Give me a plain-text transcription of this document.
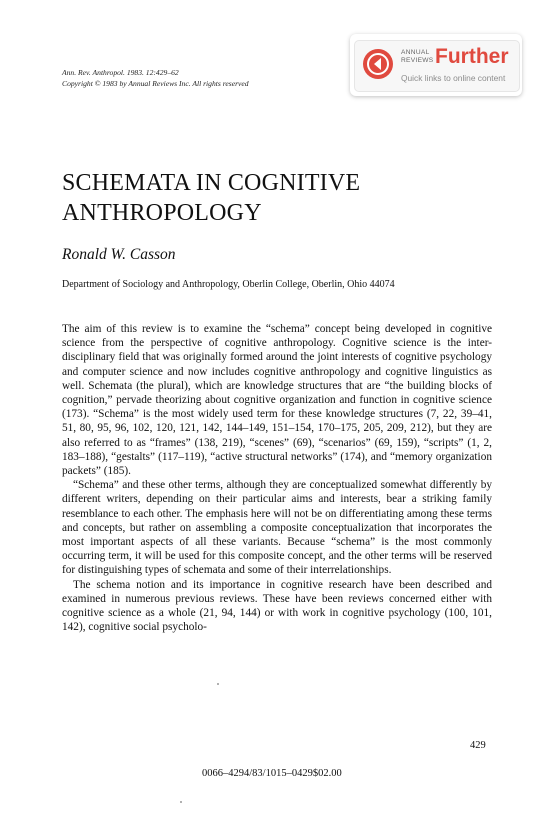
Ann. Rev. Anthropol. 1983. 12:429–62
Copyright © 1983 by Annual Reviews Inc. All rights reserved
ANNUAL REVIEWS Further
Quick links to online content
SCHEMATA IN COGNITIVE ANTHROPOLOGY
Ronald W. Casson
Department of Sociology and Anthropology, Oberlin College, Oberlin, Ohio 44074

The aim of this review is to examine the “schema” concept being developed in cognitive science from the perspective of cognitive anthropology. Cognitive science is the inter-disciplinary field that was originally formed around the joint interests of cognitive psychology and computer science and now includes cognitive anthropology and cognitive linguistics as well. Schemata (the plural), which are knowledge structures that are “the building blocks of cognition,” pervade theorizing about cognitive organization and function in cognitive science (173). “Schema” is the most widely used term for these knowledge structures (7, 22, 39–41, 51, 80, 95, 96, 102, 120, 121, 142, 144–149, 151–154, 170–175, 205, 209, 212), but they are also referred to as “frames” (138, 219), “scenes” (69), “scenarios” (69, 159), “scripts” (1, 2, 183–188), “gestalts” (117–119), “active structural networks” (174), and “memory organization packets” (185).

“Schema” and these other terms, although they are conceptualized somewhat differently by different writers, depending on their particular aims and interests, bear a striking family resemblance to each other. The emphasis here will not be on differentiating among these terms and concepts, but rather on assembling a composite conceptualization that incorporates the most important aspects of all these variants. Because “schema” is the most commonly occurring term, it will be used for this composite concept, and the other terms will be reserved for distinguishing types of schemata and some of their interrelationships.

The schema notion and its importance in cognitive research have been described and examined in numerous previous reviews. These have been reviews concerned either with cognitive science as a whole (21, 94, 144) or with work in cognitive psychology (100, 101, 142), cognitive social psycholo-

429
0066–4294/83/1015–0429$02.00
